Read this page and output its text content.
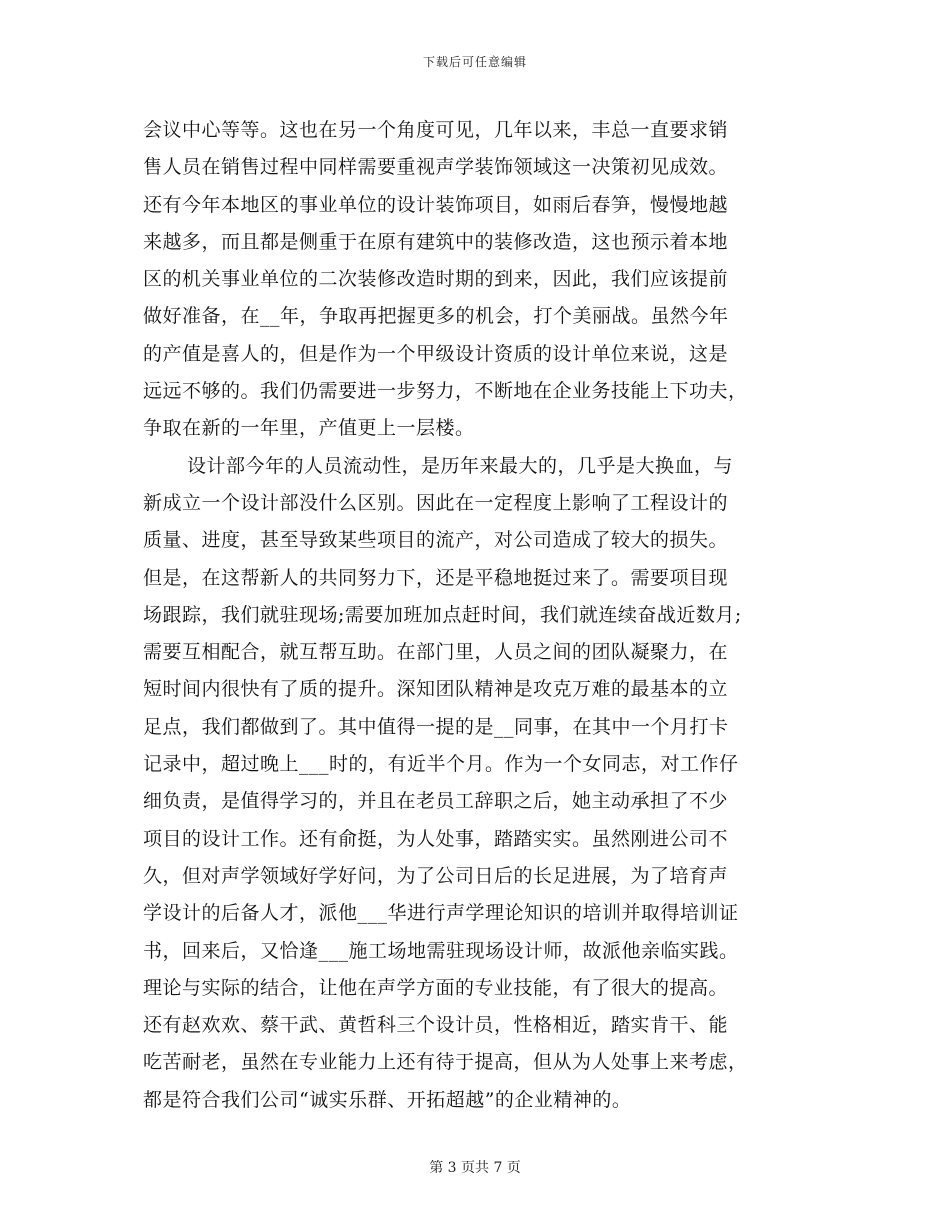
下载后可任意编辑
会议中心等等。这也在另一个角度可见，几年以来，丰总一直要求销
售人员在销售过程中同样需要重视声学装饰领域这一决策初见成效。
还有今年本地区的事业单位的设计装饰项目，如雨后春笋，慢慢地越
来越多，而且都是侧重于在原有建筑中的装修改造，这也预示着本地
区的机关事业单位的二次装修改造时期的到来，因此，我们应该提前
做好准备，在__年，争取再把握更多的机会，打个美丽战。虽然今年
的产值是喜人的，但是作为一个甲级设计资质的设计单位来说，这是
远远不够的。我们仍需要进一步努力，不断地在企业务技能上下功夫，
争取在新的一年里，产值更上一层楼。
设计部今年的人员流动性，是历年来最大的，几乎是大换血，与
新成立一个设计部没什么区别。因此在一定程度上影响了工程设计的
质量、进度，甚至导致某些项目的流产，对公司造成了较大的损失。
但是，在这帮新人的共同努力下，还是平稳地挺过来了。需要项目现
场跟踪，我们就驻现场;需要加班加点赶时间，我们就连续奋战近数月;
需要互相配合，就互帮互助。在部门里，人员之间的团队凝聚力，在
短时间内很快有了质的提升。深知团队精神是攻克万难的最基本的立
足点，我们都做到了。其中值得一提的是__同事，在其中一个月打卡
记录中，超过晚上___时的，有近半个月。作为一个女同志，对工作仔
细负责，是值得学习的，并且在老员工辞职之后，她主动承担了不少
项目的设计工作。还有俞挺，为人处事，踏踏实实。虽然刚进公司不
久，但对声学领域好学好问，为了公司日后的长足进展，为了培育声
学设计的后备人才，派他___华进行声学理论知识的培训并取得培训证
书，回来后，又恰逢___施工场地需驻现场设计师，故派他亲临实践。
理论与实际的结合，让他在声学方面的专业技能，有了很大的提高。
还有赵欢欢、蔡干武、黄哲科三个设计员，性格相近，踏实肯干、能
吃苦耐老，虽然在专业能力上还有待于提高，但从为人处事上来考虑，
都是符合我们公司“诚实乐群、开拓超越”的企业精神的。
第 3 页共 7 页
